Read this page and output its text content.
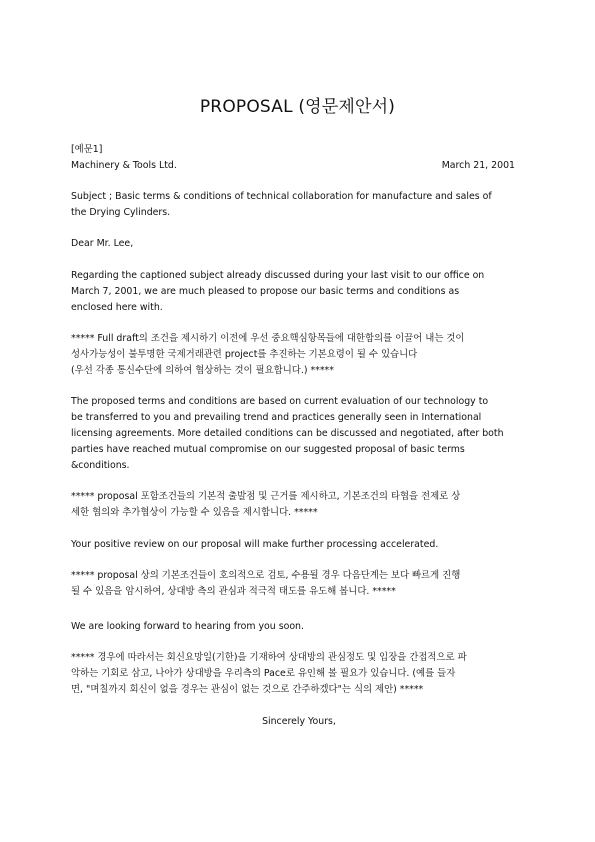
PROPOSAL (영문제안서)
[예문1]
Machinery & Tools Ltd.	March 21, 2001
Subject ; Basic terms & conditions of technical collaboration for manufacture and sales of
the Drying Cylinders.
Dear Mr. Lee,
Regarding the captioned subject already discussed during your last visit to our office on
March 7, 2001, we are much pleased to propose our basic terms and conditions as
enclosed here with.
***** Full draft의 조건을 제시하기 이전에 우선 중요핵심항목들에 대한합의를 이끌어 내는 것이
성사가능성이 불투명한 국제거래관련 project를 추진하는 기본요령이 될 수 있습니다
(우선 각종 통신수단에 의하여 협상하는 것이 필요합니다.) *****
The proposed terms and conditions are based on current evaluation of our technology to
be transferred to you and prevailing trend and practices generally seen in International
licensing agreements. More detailed conditions can be discussed and negotiated, after both
parties have reached mutual compromise on our suggested proposal of basic terms
&conditions.
***** proposal 포함조건들의 기본적 출발점 및 근거를 제시하고, 기본조건의 타협을 전제로 상
세한 협의와 추가협상이 가능할 수 있음을 제시합니다. *****
Your positive review on our proposal will make further processing accelerated.
***** proposal 상의 기본조건들이 호의적으로 검토, 수용될 경우 다음단계는 보다 빠르게 진행
될 수 있음을 암시하여, 상대방 측의 관심과 적극적 태도를 유도해 봅니다. *****
We are looking forward to hearing from you soon.
***** 경우에 따라서는 회신요망일(기한)을 기재하여 상대방의 관심정도 및 입장을 간접적으로 파
악하는 기회로 삼고, 나아가 상대방을 우리측의 Pace로 유인해 볼 필요가 있습니다. (예를 들자
면, "며칠까지 회신이 없을 경우는 관심이 없는 것으로 간주하겠다"는 식의 제안) *****
Sincerely Yours,
